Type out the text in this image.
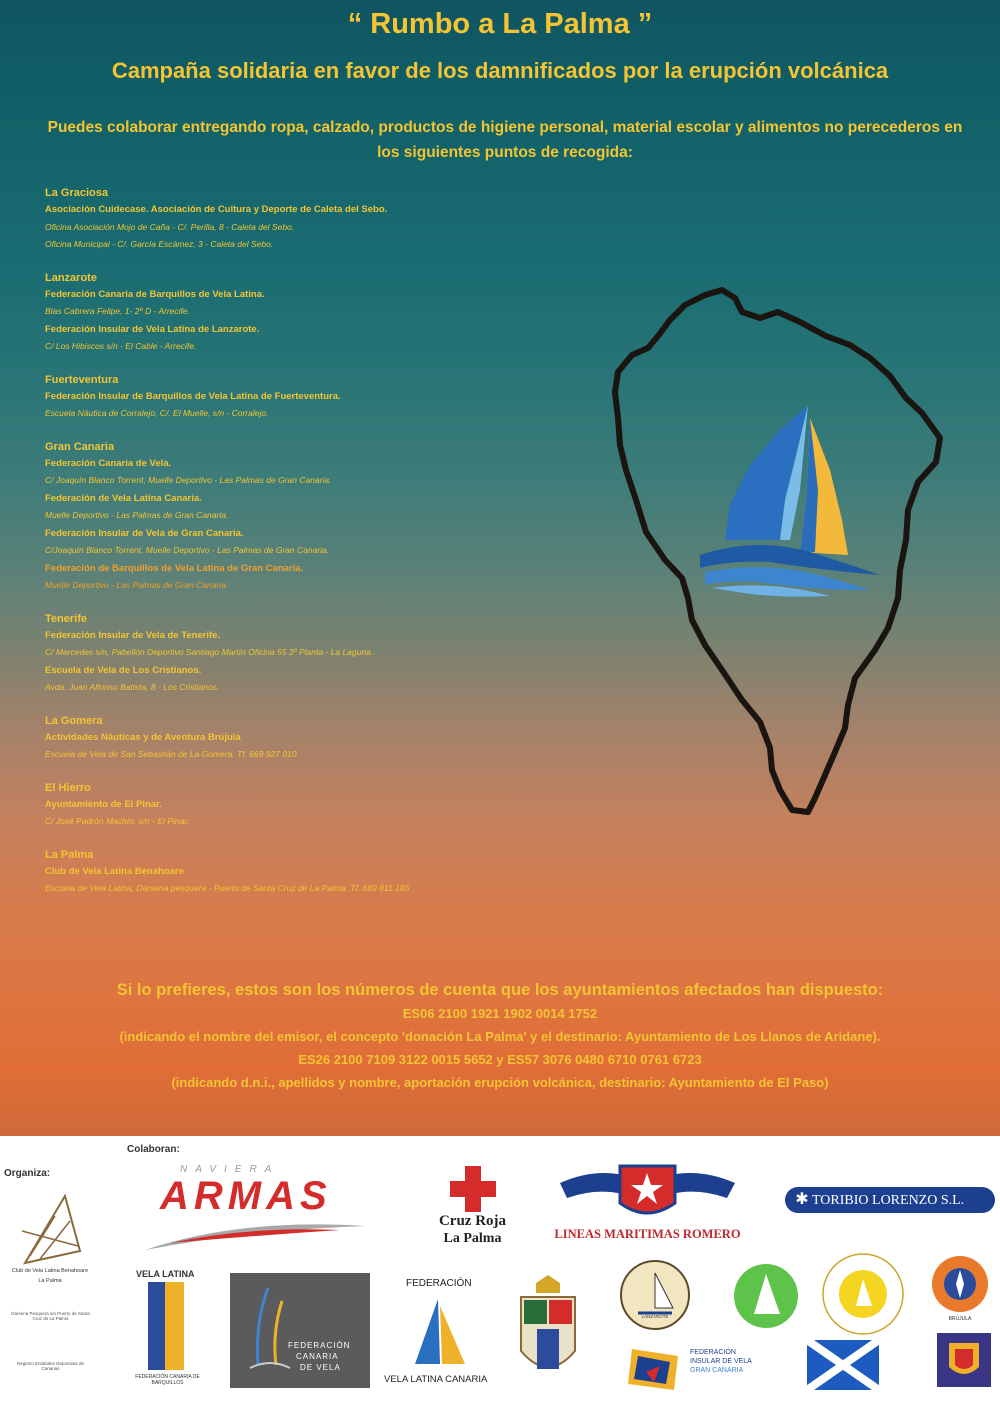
“ Rumbo a La Palma ”
Campaña solidaria en favor de los damnificados por la erupción volcánica
Puedes colaborar entregando ropa, calzado, productos de higiene personal, material escolar y alimentos no perecederos en los siguientes puntos de recogida:
La Graciosa
Asociación Cuidecase. Asociación de Cultura y Deporte de Caleta del Sebo.
Oficina Asociación Mojo de Caña - C/. Perilla, 8 - Caleta del Sebo.
Oficina Municipal - C/. García Escámez, 3 - Caleta del Sebo.
Lanzarote
Federación Canaria de Barquillos de Vela Latina.
Blas Cabrera Felipe, 1- 2º D - Arrecife.
Federación Insular de Vela Latina de Lanzarote.
C/ Los Hibiscos s/n - El Cable - Arrecife.
Fuerteventura
Federación Insular de Barquillos de Vela Latina de Fuerteventura.
Escuela Náutica de Corralejo, C/. El Muelle, s/n - Corralejo.
Gran Canaria
Federación Canaria de Vela.
C/ Joaquín Blanco Torrent, Muelle Deportivo - Las Palmas de Gran Canaria.
Federación de Vela Latina Canaria.
Muelle Deportivo - Las Palmas de Gran Canaria.
Federación Insular de Vela de Gran Canaria.
C/Joaquín Blanco Torrent, Muelle Deportivo - Las Palmas de Gran Canaria.
Federación de Barquillos de Vela Latina de Gran Canaria.
Muelle Deportivo - Las Palmas de Gran Canaria.
Tenerife
Federación Insular de Vela de Tenerife.
C/ Mercedes s/n, Pabellón Deportivo Santiago Martín Oficina 55 3º Planta - La Laguna.
Escuela de Vela de Los Cristianos.
Avda. Juan Alfonso Batista, 8 - Los Cristianos.
La Gomera
Actividades Náuticas y de Aventura Brújula
Escuela de Vela de San Sebastián de La Gomera. Tf. 669 927 010
El Hierro
Ayuntamiento de El Pinar.
C/ José Padrón Machín, s/n - El Pinar.
La Palma
Club de Vela Latina Benahoare
Escuela de Vela Latina, Dársena pesquera - Puerto de Santa Cruz de La Palma. Tf. 669 811 185
Si lo prefieres, estos son los números de cuenta que los ayuntamientos afectados han dispuesto:
ES06 2100 1921 1902 0014 1752
(indicando el nombre del emisor, el concepto 'donación La Palma' y el destinario: Ayuntamiento de Los Llanos de Aridane).
ES26 2100 7109 3122 0015 5652 y ES57 3076 0480 6710 0761 6723
(indicando d.n.i., apellidos y nombre, aportación erupción volcánica, destinario: Ayuntamiento de El Paso)
Organiza:
Colaboran:
Club de Vela Latina Benahoare
La Palma
Dársena Pesquera s/n Puerto de Santa Cruz de La Palma
Registro Entidades Deportivas de Canarias
NAVIERA
ARMAS
Cruz Roja
La Palma	LINEAS MARITIMAS ROMERO
✱ TORIBIO LORENZO S.L.
VELA LATINA
FEDERACIÓN CANARIA DE BARQUILLOS
FEDERACIÓN
CANARIA
DE VELA
FEDERACIÓN
VELA LATINA CANARIA
LANZAROTE	BRÚJULA
FEDERACIÓN
INSULAR DE VELA
GRAN CANARIA
